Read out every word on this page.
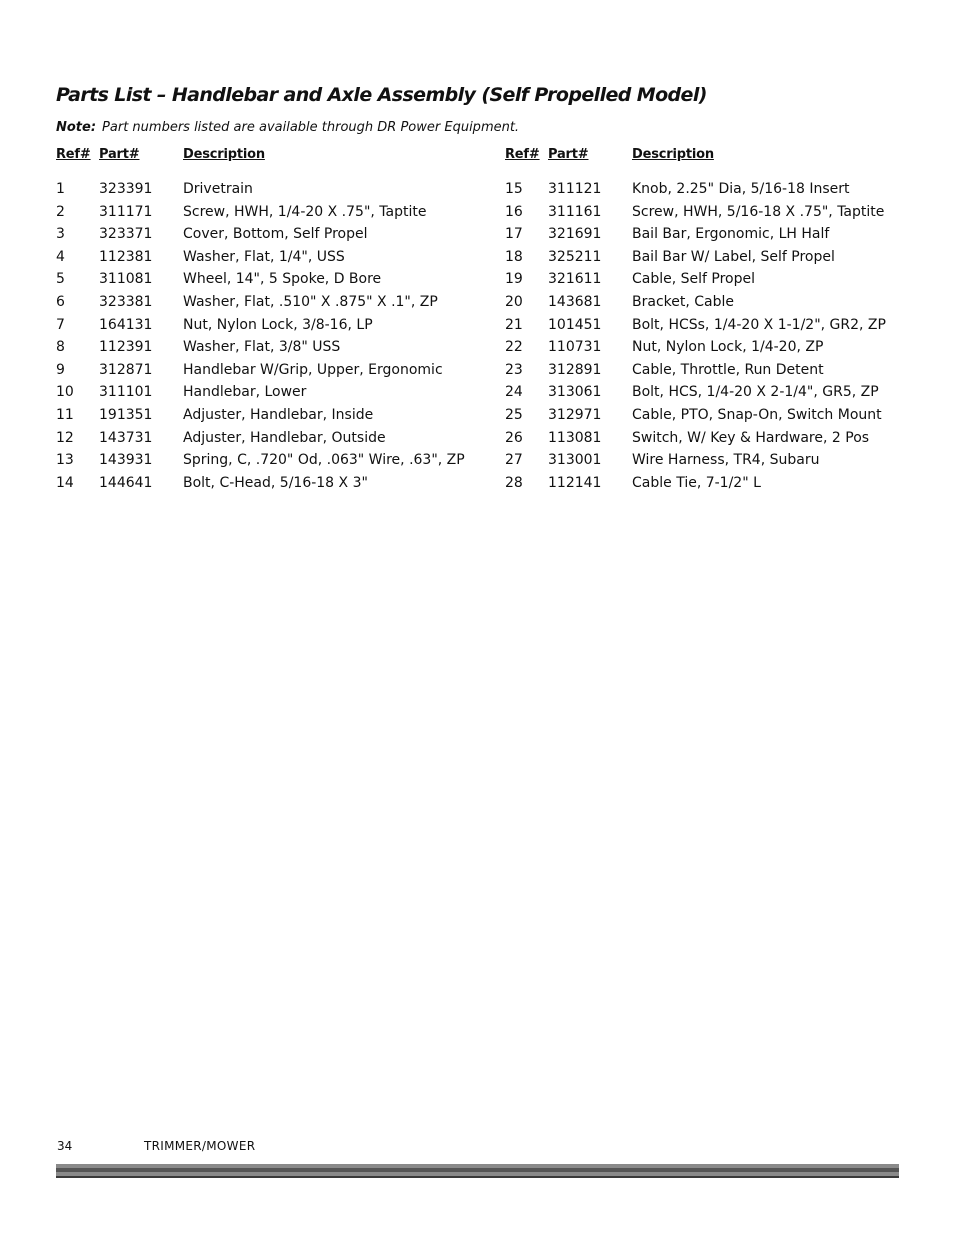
Parts List – Handlebar and Axle Assembly (Self Propelled Model)
Note: Part numbers listed are available through DR Power Equipment.
Ref# Part#	Description
1	323391	Drivetrain
2	311171	Screw, HWH, 1/4-20 X .75", Taptite
3	323371	Cover, Bottom, Self Propel
4	112381	Washer, Flat, 1/4", USS
5	311081	Wheel, 14", 5 Spoke, D Bore
6	323381	Washer, Flat, .510" X .875" X .1", ZP
7	164131	Nut, Nylon Lock, 3/8-16, LP
8	112391	Washer, Flat, 3/8" USS
9	312871	Handlebar W/Grip, Upper, Ergonomic
10	311101	Handlebar, Lower
11	191351	Adjuster, Handlebar, Inside
12	143731	Adjuster, Handlebar, Outside
13	143931	Spring, C, .720" Od, .063" Wire, .63", ZP
14	144641	Bolt, C-Head, 5/16-18 X 3"
Ref# Part#	Description
15	311121	Knob, 2.25" Dia, 5/16-18 Insert
16	311161	Screw, HWH, 5/16-18 X .75", Taptite
17	321691	Bail Bar, Ergonomic, LH Half
18	325211	Bail Bar W/ Label, Self Propel
19	321611	Cable, Self Propel
20	143681	Bracket, Cable
21	101451	Bolt, HCSs, 1/4-20 X 1-1/2", GR2, ZP
22	110731	Nut, Nylon Lock, 1/4-20, ZP
23	312891	Cable, Throttle, Run Detent
24	313061	Bolt, HCS, 1/4-20 X 2-1/4", GR5, ZP
25	312971	Cable, PTO, Snap-On, Switch Mount
26	113081	Switch, W/ Key & Hardware, 2 Pos
27	313001	Wire Harness, TR4, Subaru
28	112141	Cable Tie, 7-1/2" L
34	TRIMMER/MOWER
